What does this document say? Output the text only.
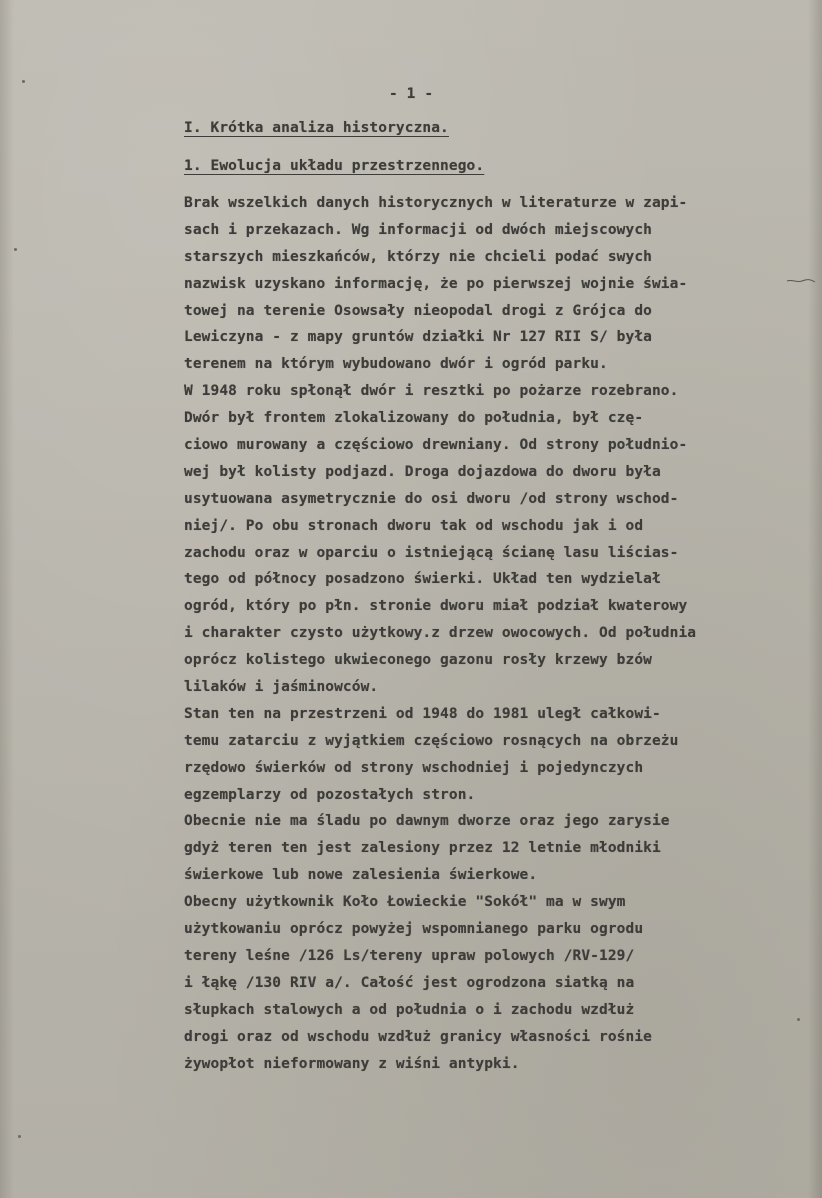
- 1 -
I. Krótka analiza historyczna.
1. Ewolucja układu przestrzennego.
Brak wszelkich danych historycznych w literaturze w zapi-
sach i przekazach. Wg informacji od dwóch miejscowych
starszych mieszkańców, którzy nie chcieli podać swych
nazwisk uzyskano informację, że po pierwszej wojnie świa-
towej na terenie Osowsały nieopodal drogi z Grójca do
Lewiczyna - z mapy gruntów działki Nr 127 RII S/ była
terenem na którym wybudowano dwór i ogród parku.
W 1948 roku spłonął dwór i resztki po pożarze rozebrano.
Dwór był frontem zlokalizowany do południa, był czę-
ciowo murowany a częściowo drewniany. Od strony południo-
wej był kolisty podjazd. Droga dojazdowa do dworu była
usytuowana asymetrycznie do osi dworu /od strony wschod-
niej/. Po obu stronach dworu tak od wschodu jak i od
zachodu oraz w oparciu o istniejącą ścianę lasu liścias-
tego od północy posadzono świerki. Układ ten wydzielał
ogród, który po płn. stronie dworu miał podział kwaterowy
i charakter czysto użytkowy.z drzew owocowych. Od południa
oprócz kolistego ukwieconego gazonu rosły krzewy bzów
lilaków i jaśminowców.
Stan ten na przestrzeni od 1948 do 1981 uległ całkowi-
temu zatarciu z wyjątkiem częściowo rosnących na obrzeżu
rzędowo świerków od strony wschodniej i pojedynczych
egzemplarzy od pozostałych stron.
Obecnie nie ma śladu po dawnym dworze oraz jego zarysie
gdyż teren ten jest zalesiony przez 12 letnie młodniki
świerkowe lub nowe zalesienia świerkowe.
Obecny użytkownik Koło Łowieckie "Sokół" ma w swym
użytkowaniu oprócz powyżej wspomnianego parku ogrodu
tereny leśne /126 Ls/tereny upraw polowych /RV-129/
i łąkę /130 RIV a/. Całość jest ogrodzona siatką na
słupkach stalowych a od południa o i zachodu wzdłuż
drogi oraz od wschodu wzdłuż granicy własności rośnie
żywopłot nieformowany z wiśni antypki.
